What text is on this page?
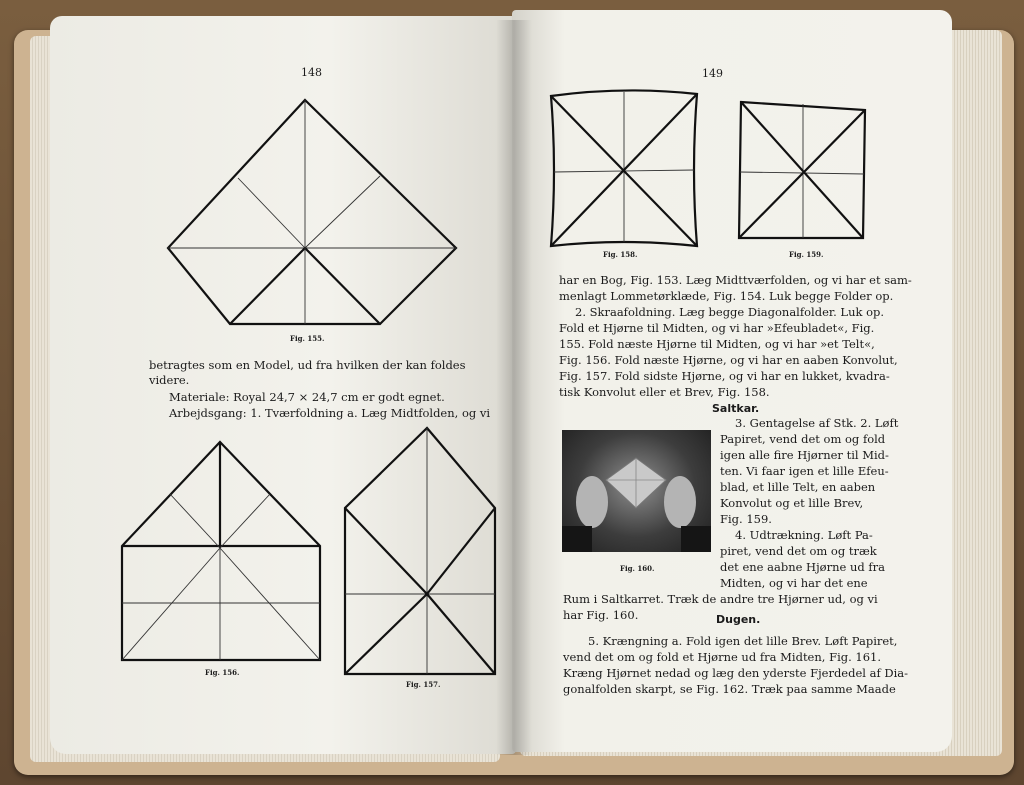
148
Fig. 155.
betragtes som en Model, ud fra hvilken der kan foldes
videre.
Materiale: Royal 24,7 × 24,7 cm er godt egnet.
Arbejdsgang: 1. Tværfoldning a. Læg Midtfolden, og vi
Fig. 156.
Fig. 157.
149
Fig. 158.	Fig. 159.
har en Bog, Fig. 153. Læg Midttværfolden, og vi har et sam-
menlagt Lommetørklæde, Fig. 154. Luk begge Folder op.
2. Skraafoldning. Læg begge Diagonalfolder. Luk op.
Fold et Hjørne til Midten, og vi har »Efeubladet«, Fig.
155. Fold næste Hjørne til Midten, og vi har »et Telt«,
Fig. 156. Fold næste Hjørne, og vi har en aaben Konvolut,
Fig. 157. Fold sidste Hjørne, og vi har en lukket, kvadra-
tisk Konvolut eller et Brev, Fig. 158.
Saltkar.
Fig. 160.
3. Gentagelse af Stk. 2. Løft
Papiret, vend det om og fold
igen alle fire Hjørner til Mid-
ten. Vi faar igen et lille Efeu-
blad, et lille Telt, en aaben
Konvolut og et lille Brev,
Fig. 159.
4. Udtrækning. Løft Pa-
piret, vend det om og træk
det ene aabne Hjørne ud fra
Midten, og vi har det ene
Rum i Saltkarret. Træk de andre tre Hjørner ud, og vi
har Fig. 160.	Dugen.
5. Krængning a. Fold igen det lille Brev. Løft Papiret,
vend det om og fold et Hjørne ud fra Midten, Fig. 161.
Kræng Hjørnet nedad og læg den yderste Fjerdedel af Dia-
gonalfolden skarpt, se Fig. 162. Træk paa samme Maade
